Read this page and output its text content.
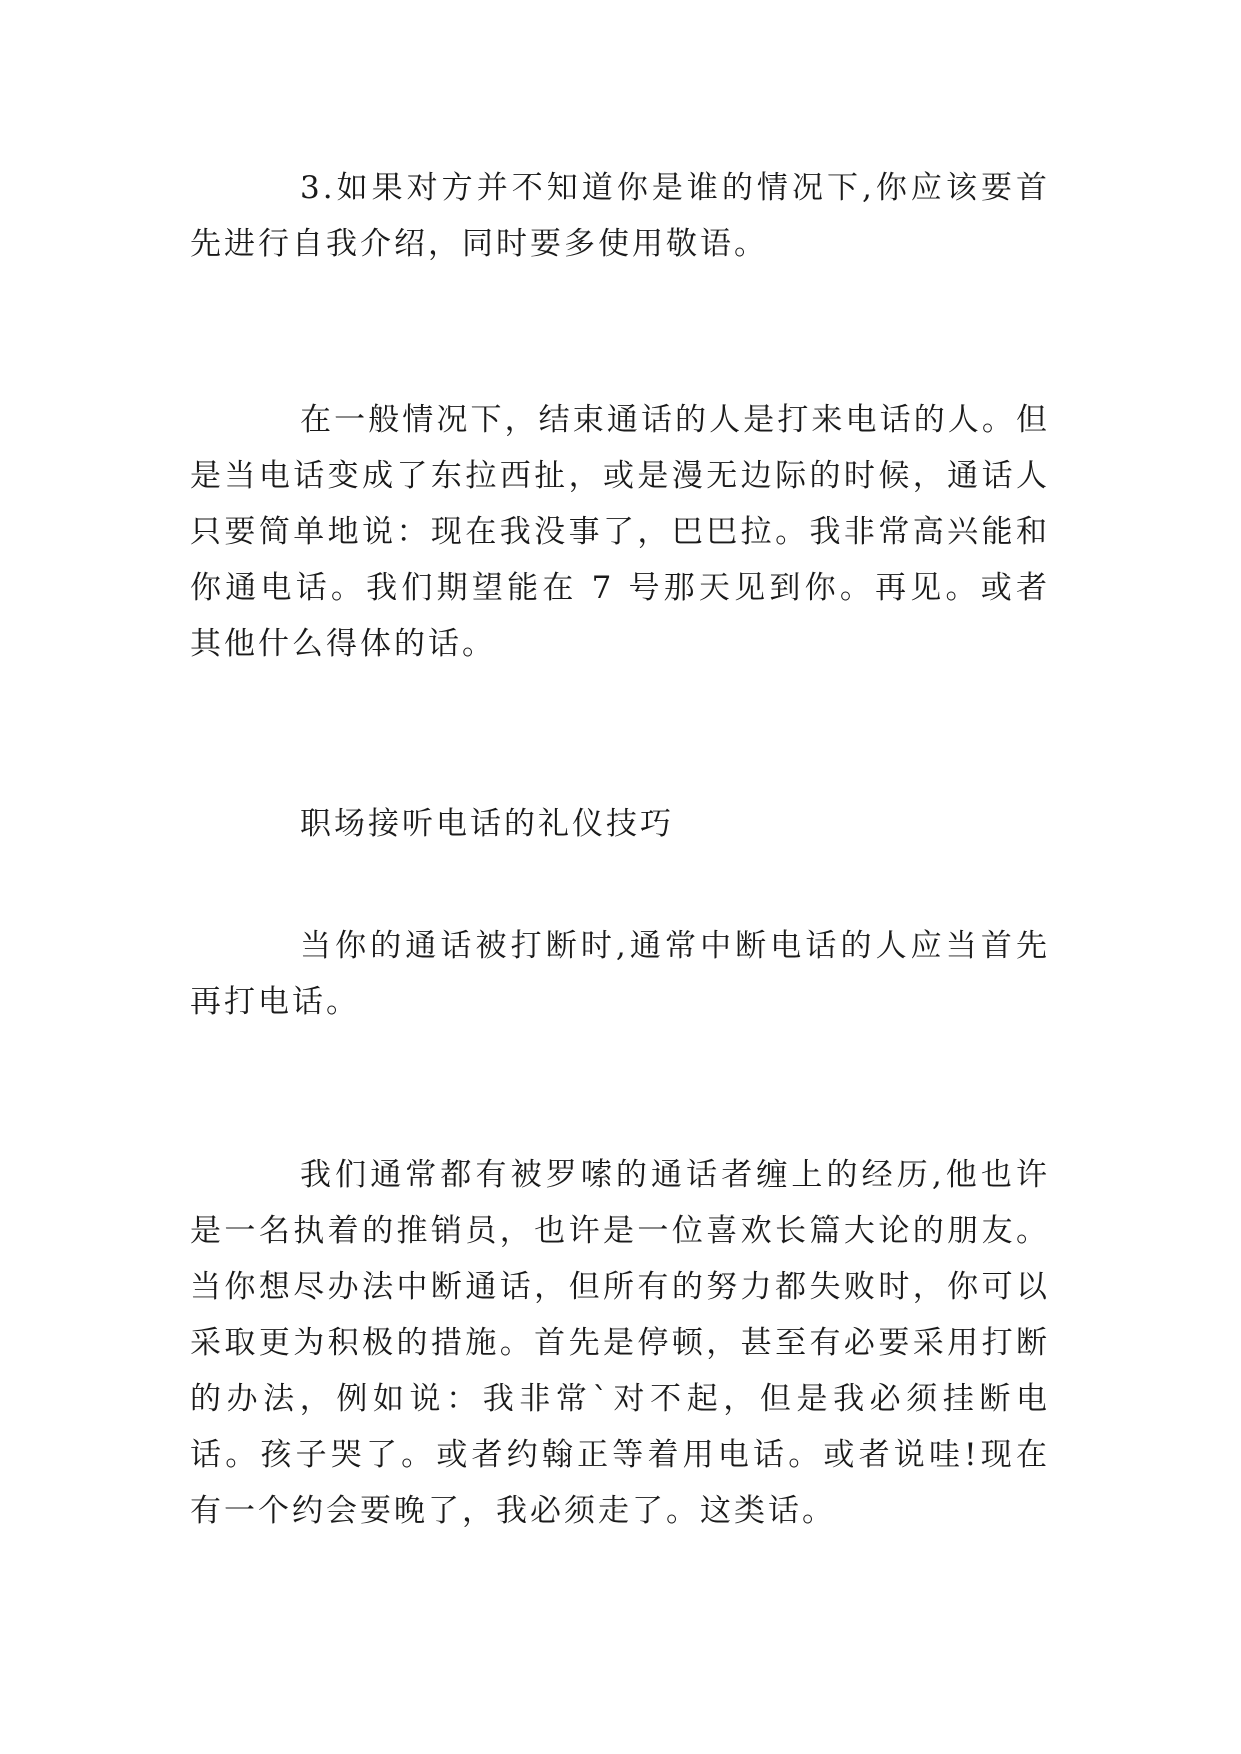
3.如果对方并不知道你是谁的情况下,你应该要首先进行自我介绍，同时要多使用敬语。

在一般情况下，结束通话的人是打来电话的人。但是当电话变成了东拉西扯，或是漫无边际的时候，通话人只要简单地说：现在我没事了，巴巴拉。我非常高兴能和你通电话。我们期望能在 7 号那天见到你。再见。或者其他什么得体的话。

职场接听电话的礼仪技巧

当你的通话被打断时,通常中断电话的人应当首先再打电话。

我们通常都有被罗嗦的通话者缠上的经历,他也许是一名执着的推销员，也许是一位喜欢长篇大论的朋友。当你想尽办法中断通话，但所有的努力都失败时，你可以采取更为积极的措施。首先是停顿，甚至有必要采用打断的办法，例如说：我非常`对不起，但是我必须挂断电话。孩子哭了。或者约翰正等着用电话。或者说哇!现在有一个约会要晚了，我必须走了。这类话。
